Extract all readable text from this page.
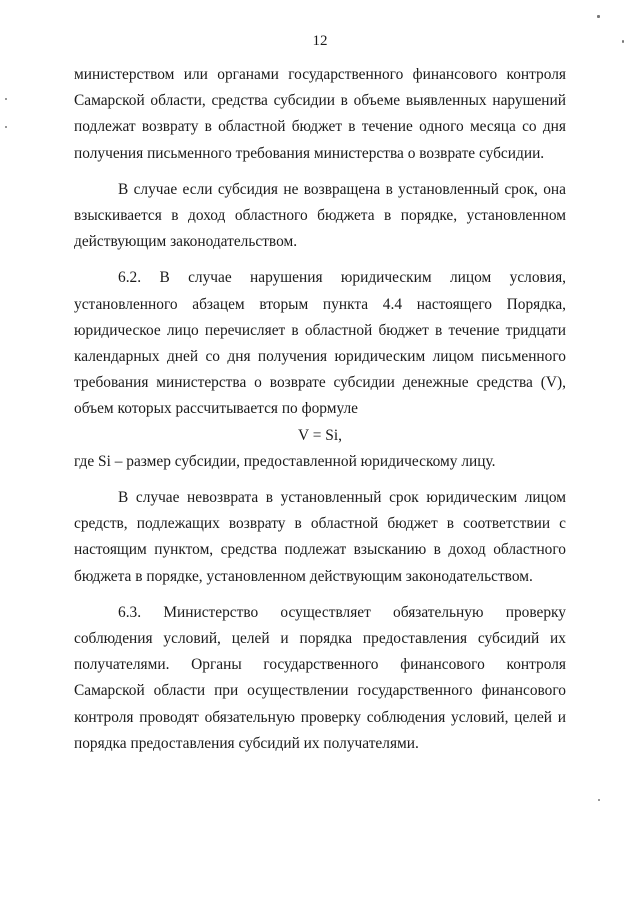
12

министерством или органами государственного финансового контроля Самарской области, средства субсидии в объеме выявленных нарушений подлежат возврату в областной бюджет в течение одного месяца со дня получения письменного требования министерства о возврате субсидии.

В случае если субсидия не возвращена в установленный срок, она взыскивается в доход областного бюджета в порядке, установленном действующим законодательством.

6.2. В случае нарушения юридическим лицом условия, установленного абзацем вторым пункта 4.4 настоящего Порядка, юридическое лицо перечисляет в областной бюджет в течение тридцати календарных дней со дня получения юридическим лицом письменного требования министерства о возврате субсидии денежные средства (V), объем которых рассчитывается по формуле

V = Si,

где Si – размер субсидии, предоставленной юридическому лицу.

В случае невозврата в установленный срок юридическим лицом средств, подлежащих возврату в областной бюджет в соответствии с настоящим пунктом, средства подлежат взысканию в доход областного бюджета в порядке, установленном действующим законодательством.

6.3. Министерство осуществляет обязательную проверку соблюдения условий, целей и порядка предоставления субсидий их получателями. Органы государственного финансового контроля Самарской области при осуществлении государственного финансового контроля проводят обязательную проверку соблюдения условий, целей и порядка предоставления субсидий их получателями.
